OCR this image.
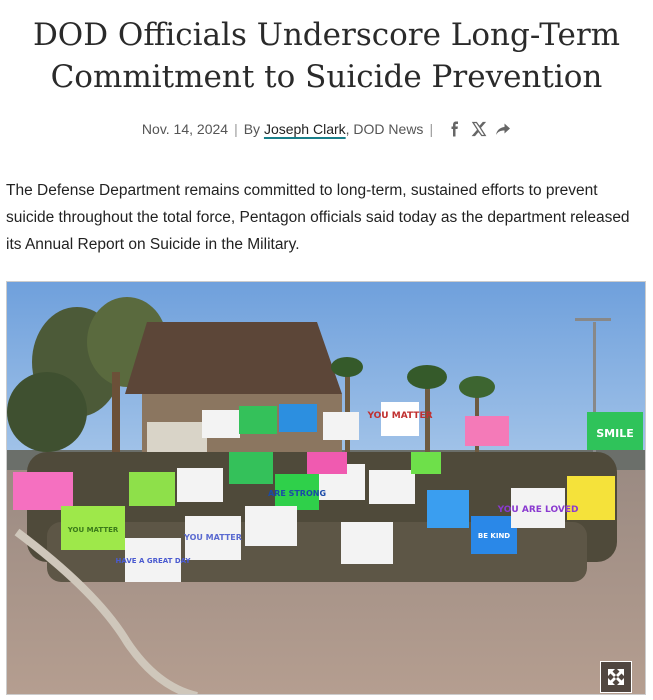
DOD Officials Underscore Long-Term
Commitment to Suicide Prevention
Nov. 14, 2024 | By Joseph Clark, DOD News |

The Defense Department remains committed to long-term, sustained efforts to prevent suicide throughout the total force, Pentagon officials said today as the department released its Annual Report on Suicide in the Military.

YOU MATTER
SMILE
ARE STRONG
YOU MATTER
HAVE A GREAT DAY
YOU ARE LOVED
YOU MATTER
BE KIND
